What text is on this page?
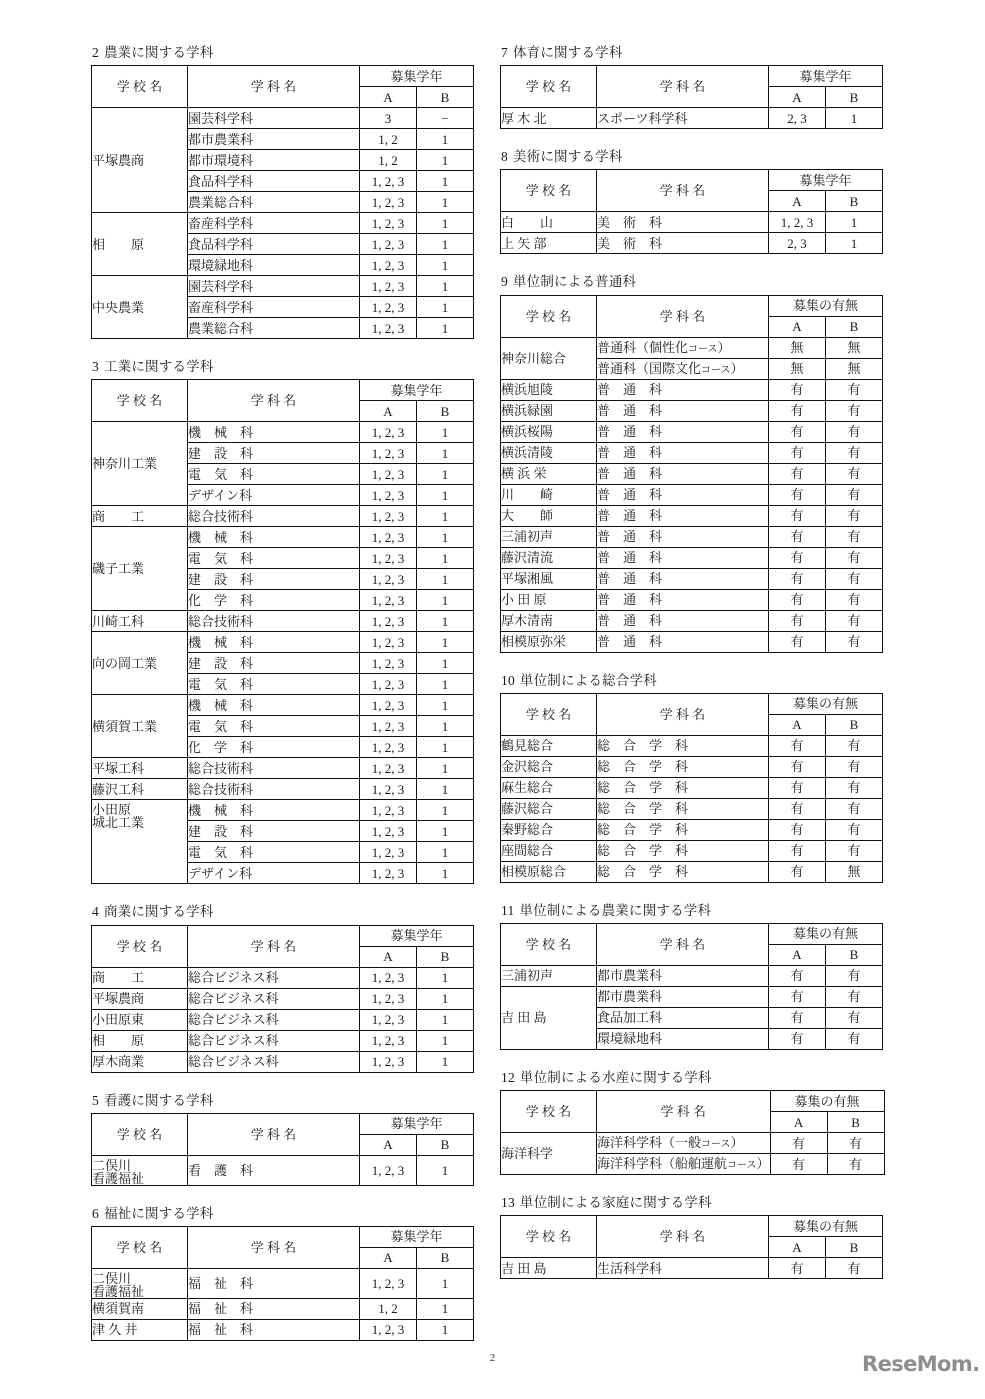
2 農業に関する学科
学 校 名	学 科 名	募集学年	
		A	B
平塚農商	園芸科学科	3	−
	都市農業科	1, 2	1
	都市環境科	1, 2	1
	食品科学科	1, 2, 3	1
	農業総合科	1, 2, 3	1
相　　原	畜産科学科	1, 2, 3	1
	食品科学科	1, 2, 3	1
	環境緑地科	1, 2, 3	1
中央農業	園芸科学科	1, 2, 3	1
	畜産科学科	1, 2, 3	1
	農業総合科	1, 2, 3	1
3 工業に関する学科
学 校 名	学 科 名	募集学年	
		A	B
神奈川工業	機　械　科	1, 2, 3	1
	建　設　科	1, 2, 3	1
	電　気　科	1, 2, 3	1
	デザイン科	1, 2, 3	1
商　　工	総合技術科	1, 2, 3	1
磯子工業	機　械　科	1, 2, 3	1
	電　気　科	1, 2, 3	1
	建　設　科	1, 2, 3	1
	化　学　科	1, 2, 3	1
川崎工科	総合技術科	1, 2, 3	1
向の岡工業	機　械　科	1, 2, 3	1
	建　設　科	1, 2, 3	1
	電　気　科	1, 2, 3	1
横須賀工業	機　械　科	1, 2, 3	1
	電　気　科	1, 2, 3	1
	化　学　科	1, 2, 3	1
平塚工科	総合技術科	1, 2, 3	1
藤沢工科	総合技術科	1, 2, 3	1
小田原
城北工業	機　械　科	1, 2, 3	1
	建　設　科	1, 2, 3	1
	電　気　科	1, 2, 3	1
	デザイン科	1, 2, 3	1
4 商業に関する学科
学 校 名	学 科 名	募集学年	
		A	B
商　　工	総合ビジネス科	1, 2, 3	1
平塚農商	総合ビジネス科	1, 2, 3	1
小田原東	総合ビジネス科	1, 2, 3	1
相　　原	総合ビジネス科	1, 2, 3	1
厚木商業	総合ビジネス科	1, 2, 3	1
5 看護に関する学科
学 校 名	学 科 名	募集学年	
		A	B
二俣川
看護福祉	看　護　科	1, 2, 3	1
6 福祉に関する学科
学 校 名	学 科 名	募集学年	
		A	B
二俣川
看護福祉	福　祉　科	1, 2, 3	1
横須賀南	福　祉　科	1, 2	1
津 久 井	福　祉　科	1, 2, 3	1
7 体育に関する学科
学 校 名	学 科 名	募集学年	
		A	B
厚 木 北	スポーツ科学科	2, 3	1
8 美術に関する学科
学 校 名	学 科 名	募集学年	
		A	B
白　　山	美　術　科	1, 2, 3	1
上 矢 部	美　術　科	2, 3	1
9 単位制による普通科
学 校 名	学 科 名	募集の有無	
		A	B
神奈川総合	普通科（個性化コース）	無	無
	普通科（国際文化コース）	無	無
横浜旭陵	普　通　科	有	有
横浜緑園	普　通　科	有	有
横浜桜陽	普　通　科	有	有
横浜清陵	普　通　科	有	有
横 浜 栄	普　通　科	有	有
川　　崎	普　通　科	有	有
大　　師	普　通　科	有	有
三浦初声	普　通　科	有	有
藤沢清流	普　通　科	有	有
平塚湘風	普　通　科	有	有
小 田 原	普　通　科	有	有
厚木清南	普　通　科	有	有
相模原弥栄	普　通　科	有	有
10 単位制による総合学科
学 校 名	学 科 名	募集の有無	
		A	B
鶴見総合	総　合　学　科	有	有
金沢総合	総　合　学　科	有	有
麻生総合	総　合　学　科	有	有
藤沢総合	総　合　学　科	有	有
秦野総合	総　合　学　科	有	有
座間総合	総　合　学　科	有	有
相模原総合	総　合　学　科	有	無
11 単位制による農業に関する学科
学 校 名	学 科 名	募集の有無	
		A	B
三浦初声	都市農業科	有	有
吉 田 島	都市農業科	有	有
	食品加工科	有	有
	環境緑地科	有	有
12 単位制による水産に関する学科
学 校 名	学 科 名	募集の有無	
		A	B
海洋科学	海洋科学科（一般コース）	有	有
	海洋科学科（船舶運航コース）	有	有
13 単位制による家庭に関する学科
学 校 名	学 科 名	募集の有無	
		A	B
吉 田 島	生活科学科	有	有
2	ReseMom.
